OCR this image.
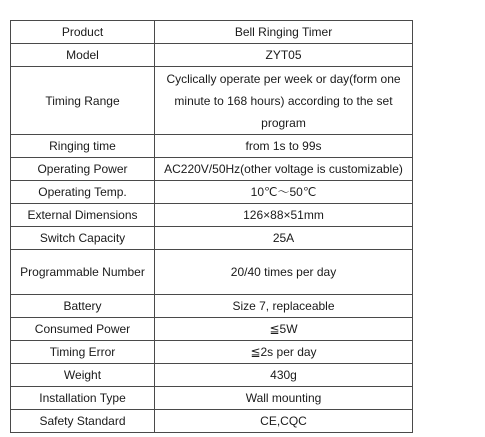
Product	Bell Ringing Timer
Model	ZYT05
Timing Range	Cyclically operate per week or day(form one minute to 168 hours) according to the set program
Ringing time	from 1s to 99s
Operating Power	AC220V/50Hz(other voltage is customizable)
Operating Temp.	10℃～50℃
External Dimensions	126×88×51mm
Switch Capacity	25A
Programmable Number	20/40 times per day
Battery	Size 7, replaceable
Consumed Power	≦5W
Timing Error	≦2s per day
Weight	430g
Installation Type	Wall mounting
Safety Standard	CE,CQC
